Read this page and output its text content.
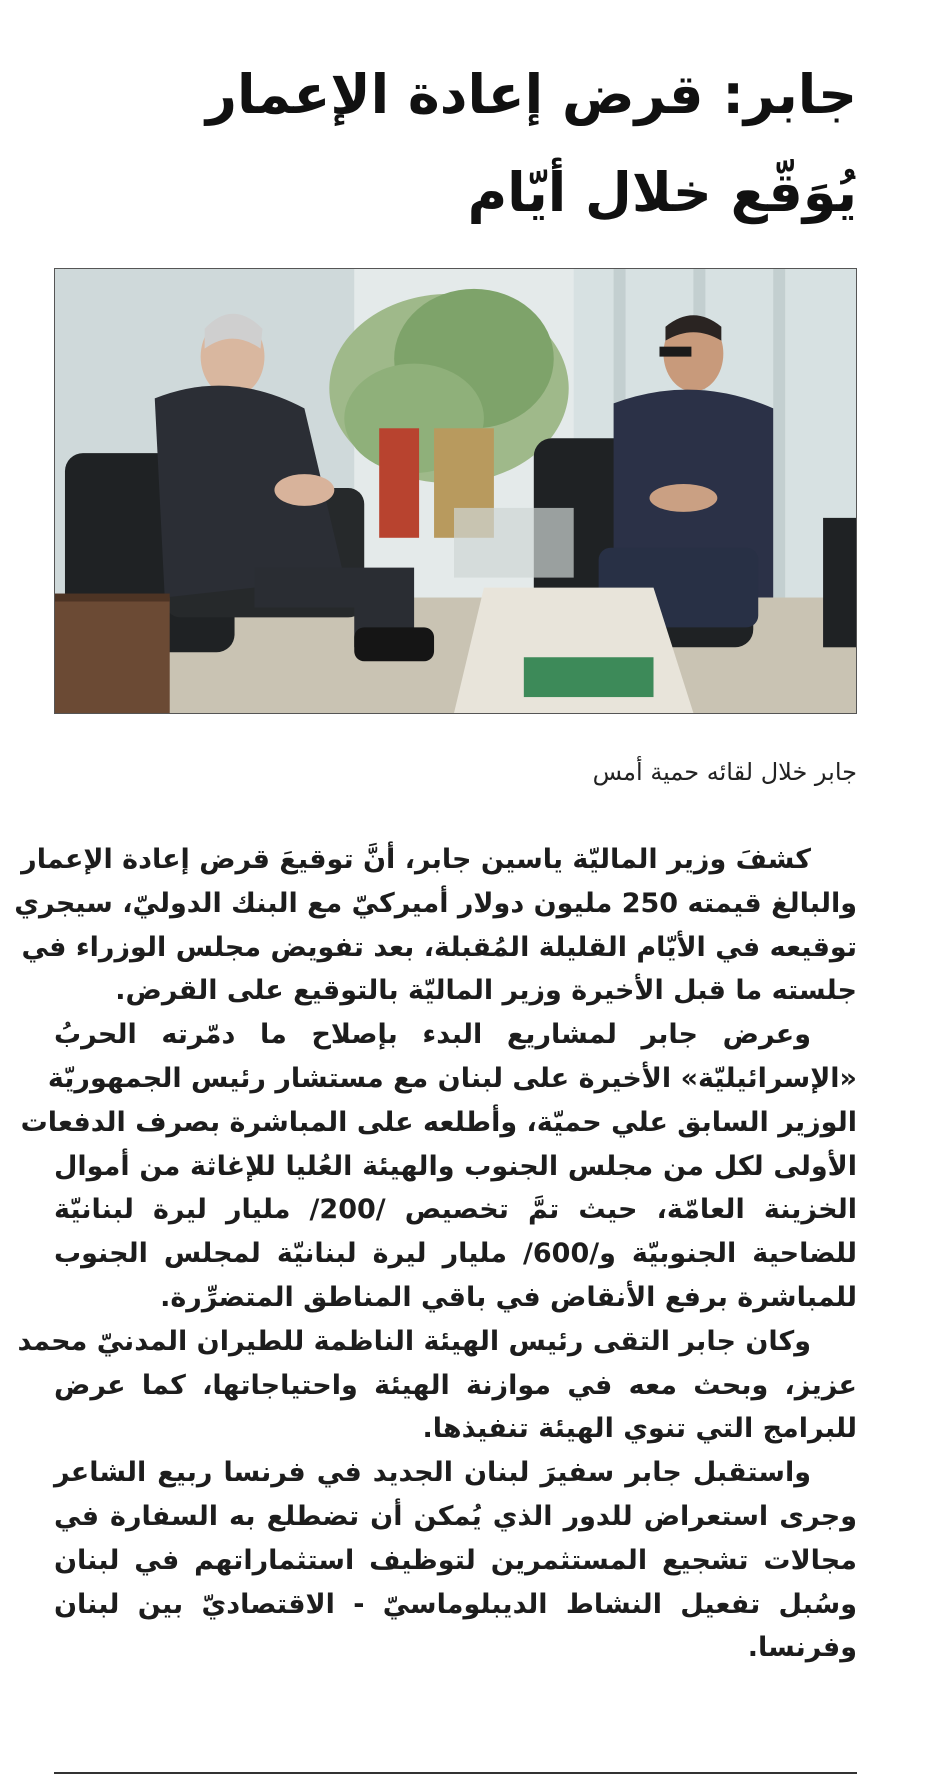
جابر: قرض إعادة الإعمار
يُوَقّع خلال أيّام
جابر خلال لقائه حمية أمس

كشفَ وزير الماليّة ياسين جابر، أنَّ توقيعَ قرض إعادة الإعمار
والبالغ قيمته 250 مليون دولار أميركيّ مع البنك الدوليّ، سيجري
توقيعه في الأيّام القليلة المُقبلة، بعد تفويض مجلس الوزراء في
جلسته ما قبل الأخيرة وزير الماليّة بالتوقيع على القرض.

وعرض جابر لمشاريع البدء بإصلاح ما دمّرته الحربُ
«الإسرائيليّة» الأخيرة على لبنان مع مستشار رئيس الجمهوريّة
الوزير السابق علي حميّة، وأطلعه على المباشرة بصرف الدفعات
الأولى لكل من مجلس الجنوب والهيئة العُليا للإغاثة من أموال
الخزينة العامّة، حيث تمَّ تخصيص /200/ مليار ليرة لبنانيّة
للضاحية الجنوبيّة و/600/ مليار ليرة لبنانيّة لمجلس الجنوب
للمباشرة برفع الأنقاض في باقي المناطق المتضرِّرة.

وكان جابر التقى رئيس الهيئة الناظمة للطيران المدنيّ محمد
عزيز، وبحث معه في موازنة الهيئة واحتياجاتها، كما عرض
للبرامج التي تنوي الهيئة تنفيذها.

واستقبل جابر سفيرَ لبنان الجديد في فرنسا ربيع الشاعر
وجرى استعراض للدور الذي يُمكن أن تضطلع به السفارة في
مجالات تشجيع المستثمرين لتوظيف استثماراتهم في لبنان
وسُبل تفعيل النشاط الديبلوماسيّ - الاقتصاديّ بين لبنان
وفرنسا.
